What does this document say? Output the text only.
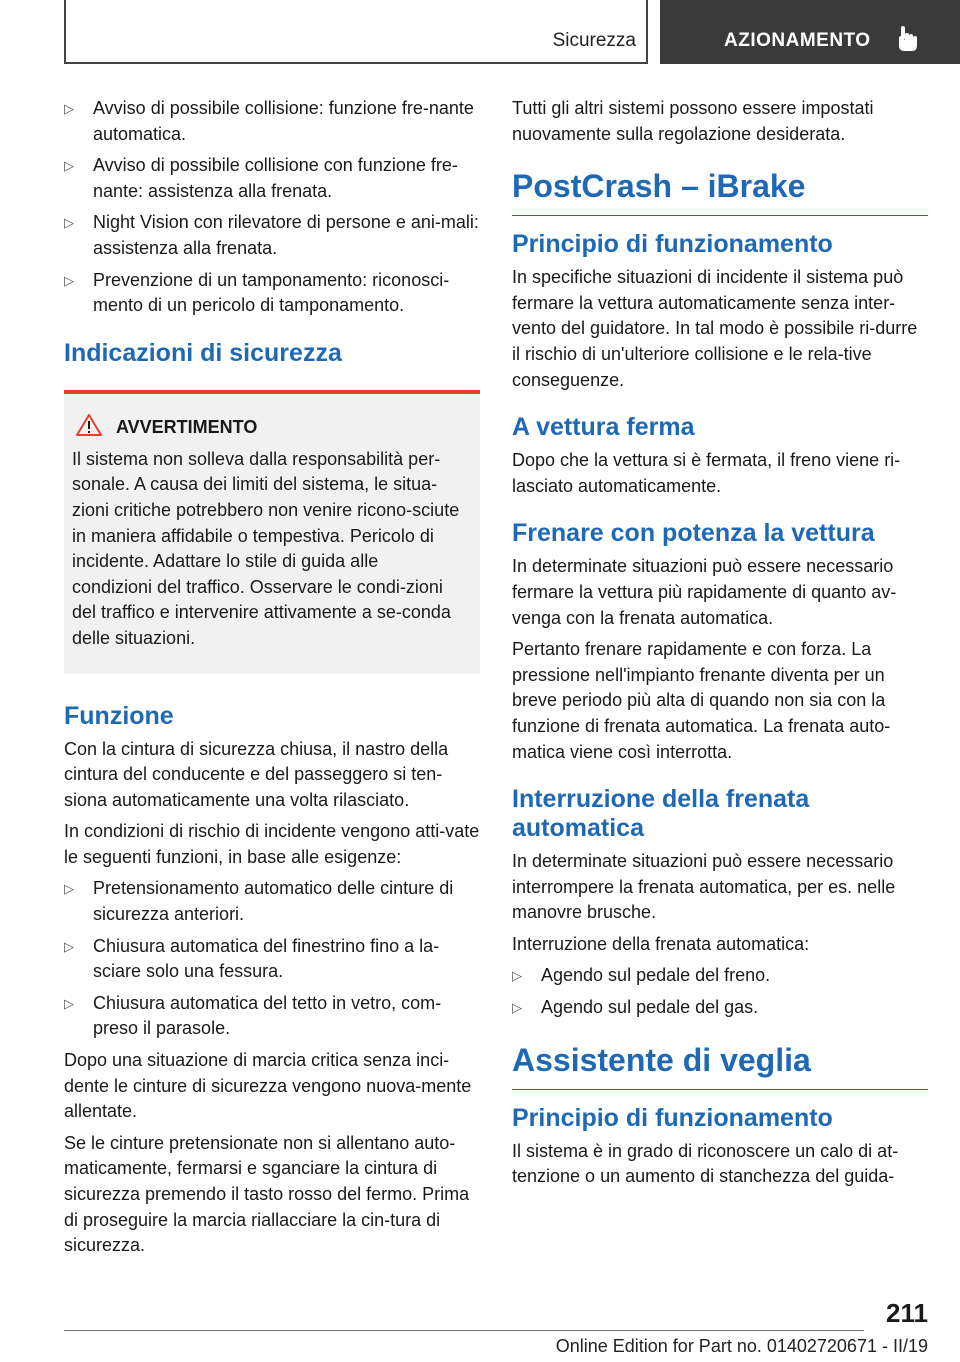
Sicurezza	AZIONAMENTO
▷ Avviso di possibile collisione: funzione fre-nante automatica.
▷ Avviso di possibile collisione con funzione fre-nante: assistenza alla frenata.
▷ Night Vision con rilevatore di persone e ani-mali: assistenza alla frenata.
▷ Prevenzione di un tamponamento: riconosci-mento di un pericolo di tamponamento.
Indicazioni di sicurezza
AVVERTIMENTO

Il sistema non solleva dalla responsabilità per-sonale. A causa dei limiti del sistema, le situa-zioni critiche potrebbero non venire ricono-sciute in maniera affidabile o tempestiva. Pericolo di incidente. Adattare lo stile di guida alle condizioni del traffico. Osservare le condi-zioni del traffico e intervenire attivamente a se-conda delle situazioni.

Funzione

Con la cintura di sicurezza chiusa, il nastro della cintura del conducente e del passeggero si ten-siona automaticamente una volta rilasciato.

In condizioni di rischio di incidente vengono atti-vate le seguenti funzioni, in base alle esigenze:

▷ Pretensionamento automatico delle cinture di sicurezza anteriori.
▷ Chiusura automatica del finestrino fino a la-sciare solo una fessura.
▷ Chiusura automatica del tetto in vetro, com-preso il parasole.

Dopo una situazione di marcia critica senza inci-dente le cinture di sicurezza vengono nuova-mente allentate.

Se le cinture pretensionate non si allentano auto-maticamente, fermarsi e sganciare la cintura di sicurezza premendo il tasto rosso del fermo. Prima di proseguire la marcia riallacciare la cin-tura di sicurezza.

Tutti gli altri sistemi possono essere impostati nuovamente sulla regolazione desiderata.

PostCrash – iBrake
Principio di funzionamento

In specifiche situazioni di incidente il sistema può fermare la vettura automaticamente senza inter-vento del guidatore. In tal modo è possibile ri-durre il rischio di un'ulteriore collisione e le rela-tive conseguenze.

A vettura ferma

Dopo che la vettura si è fermata, il freno viene ri-lasciato automaticamente.

Frenare con potenza la vettura

In determinate situazioni può essere necessario fermare la vettura più rapidamente di quanto av-venga con la frenata automatica.

Pertanto frenare rapidamente e con forza. La pressione nell'impianto frenante diventa per un breve periodo più alta di quando non sia con la funzione di frenata automatica. La frenata auto-matica viene così interrotta.

Interruzione della frenata automatica

In determinate situazioni può essere necessario interrompere la frenata automatica, per es. nelle manovre brusche.

Interruzione della frenata automatica:

▷ Agendo sul pedale del freno.
▷ Agendo sul pedale del gas.
Assistente di veglia
Principio di funzionamento

Il sistema è in grado di riconoscere un calo di at-tenzione o un aumento di stanchezza del guida-

211
Online Edition for Part no. 01402720671 - II/19
